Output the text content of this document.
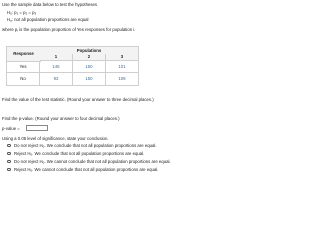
Use the sample data below to test the hypotheses
$H_0$: $p_1 = p_2 = p_3$
$H_a$: not all population proportions are equal
where $p_i$ is the population proportion of Yes responses for population i.
Response
Populations
1	2	3
Yes	145	150	101
No	93	150	109
Find the value of the test statistic. (Round your answer to three decimal places.)
Find the p-value. (Round your answer to four decimal places.)
p-value =
Using a 0.05 level of significance, state your conclusion.
Do not reject $H_0$. We conclude that not all population proportions are equal.
Reject $H_0$. We conclude that not all population proportions are equal.
Do not reject $H_0$. We cannot conclude that not all population proportions are equal.
Reject $H_0$. We cannot conclude that not all population proportions are equal.
